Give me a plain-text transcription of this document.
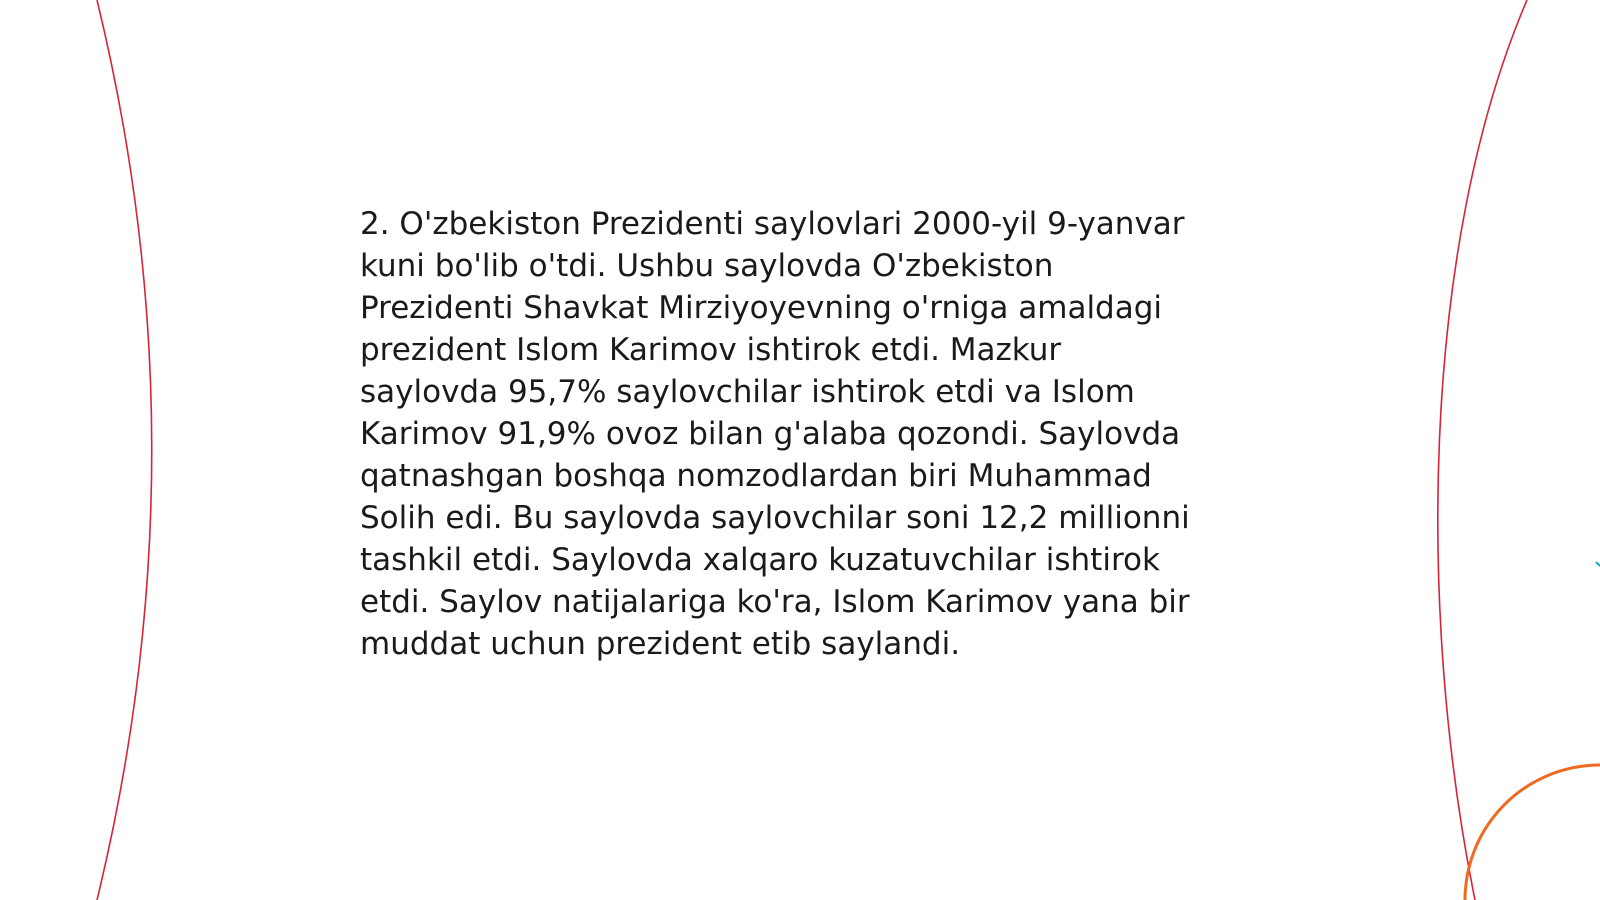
2. O'zbekiston Prezidenti saylovlari 2000-yil 9-yanvar
kuni bo'lib o'tdi. Ushbu saylovda O'zbekiston
Prezidenti Shavkat Mirziyoyevning o'rniga amaldagi
prezident Islom Karimov ishtirok etdi. Mazkur
saylovda 95,7% saylovchilar ishtirok etdi va Islom
Karimov 91,9% ovoz bilan g'alaba qozondi. Saylovda
qatnashgan boshqa nomzodlardan biri Muhammad
Solih edi. Bu saylovda saylovchilar soni 12,2 millionni
tashkil etdi. Saylovda xalqaro kuzatuvchilar ishtirok
etdi. Saylov natijalariga ko'ra, Islom Karimov yana bir
muddat uchun prezident etib saylandi.
